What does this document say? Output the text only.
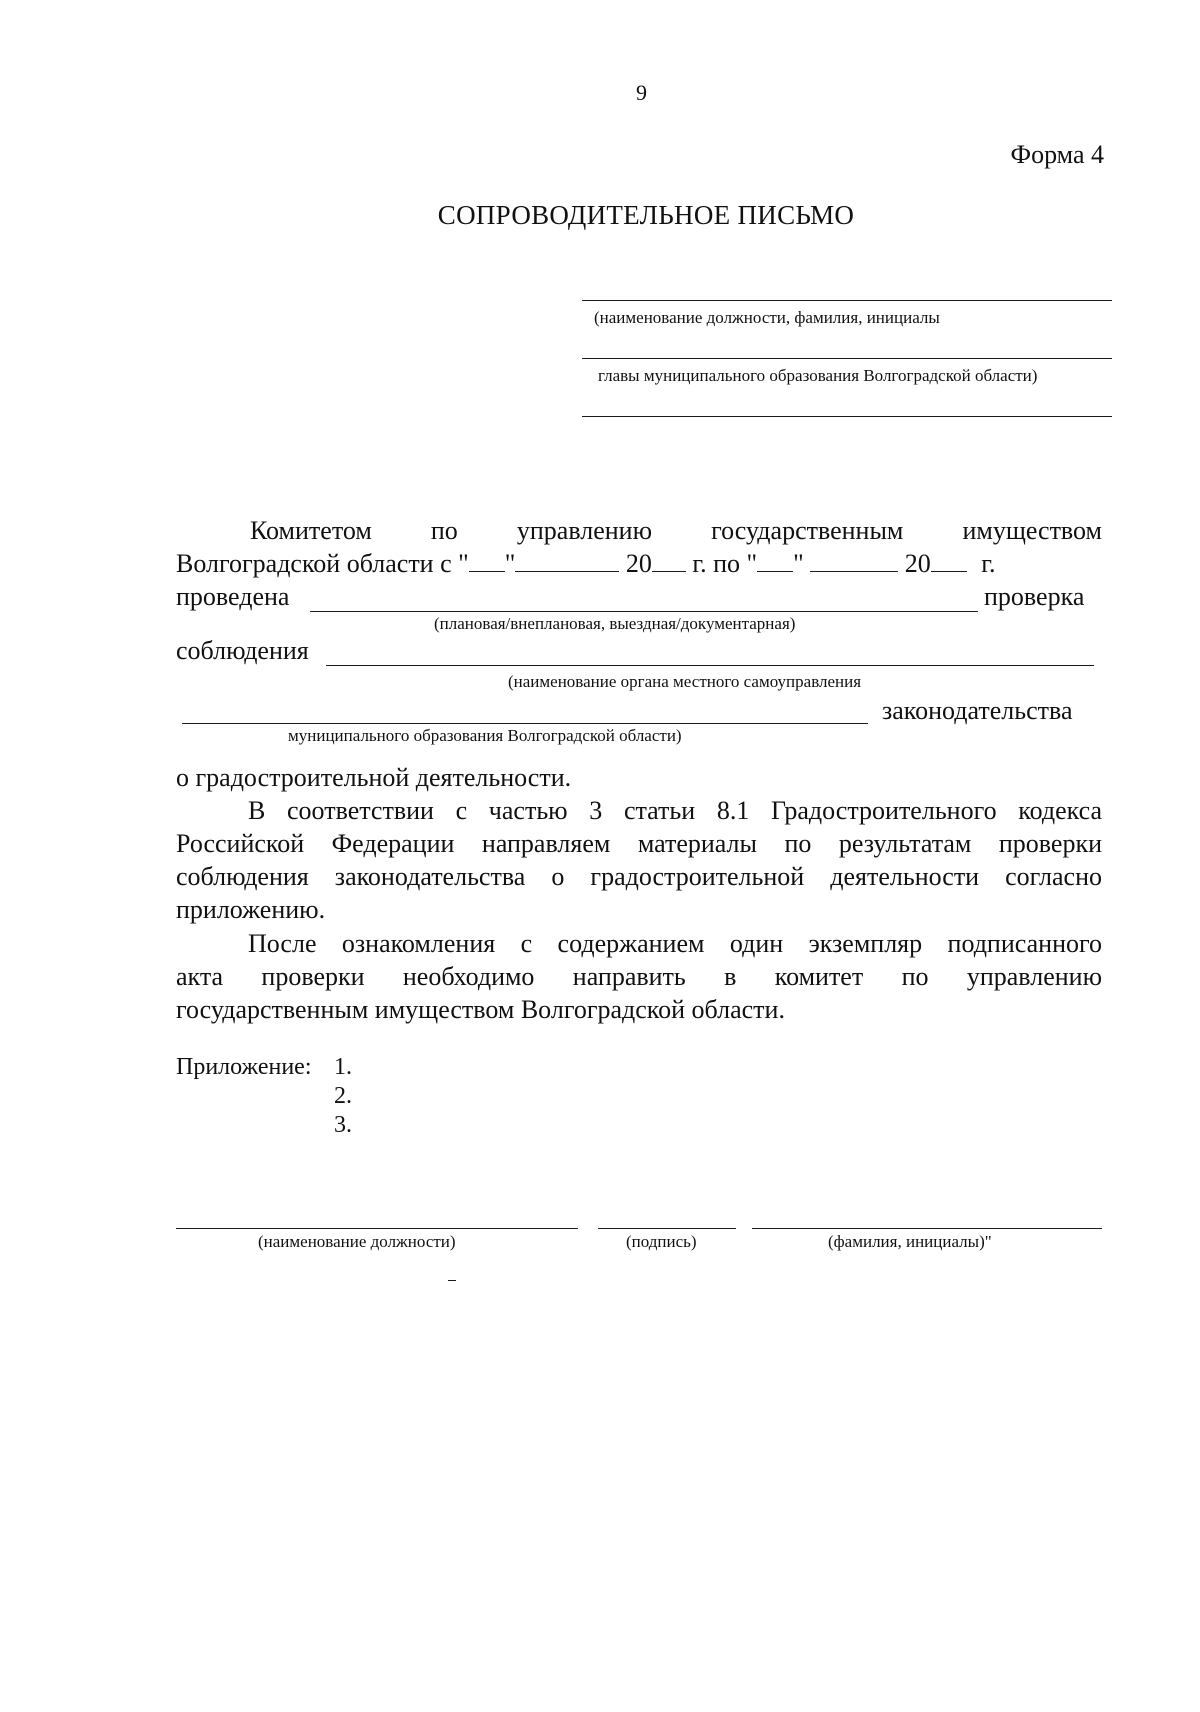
9
Форма 4
СОПРОВОДИТЕЛЬНОЕ ПИСЬМО
(наименование должности, фамилия, инициалы
главы муниципального образования Волгоградской области)
Комитетом по управлению государственным имуществом
Волгоградской области с " "	20 г. по " "	20 г.
проведена	проверка
(плановая/внеплановая, выездная/документарная)
соблюдения
(наименование органа местного самоуправления
законодательства
муниципального образования Волгоградской области)
о градостроительной деятельности.
В соответствии с частью 3 статьи 8.1 Градостроительного кодекса
Российской Федерации направляем материалы по результатам проверки
соблюдения законодательства о градостроительной деятельности согласно
приложению.
После ознакомления с содержанием один экземпляр подписанного
акта проверки необходимо направить в комитет по управлению
государственным имуществом Волгоградской области.
Приложение: 1.
2.
3.
(наименование должности)	(подпись)	(фамилия, инициалы)"
